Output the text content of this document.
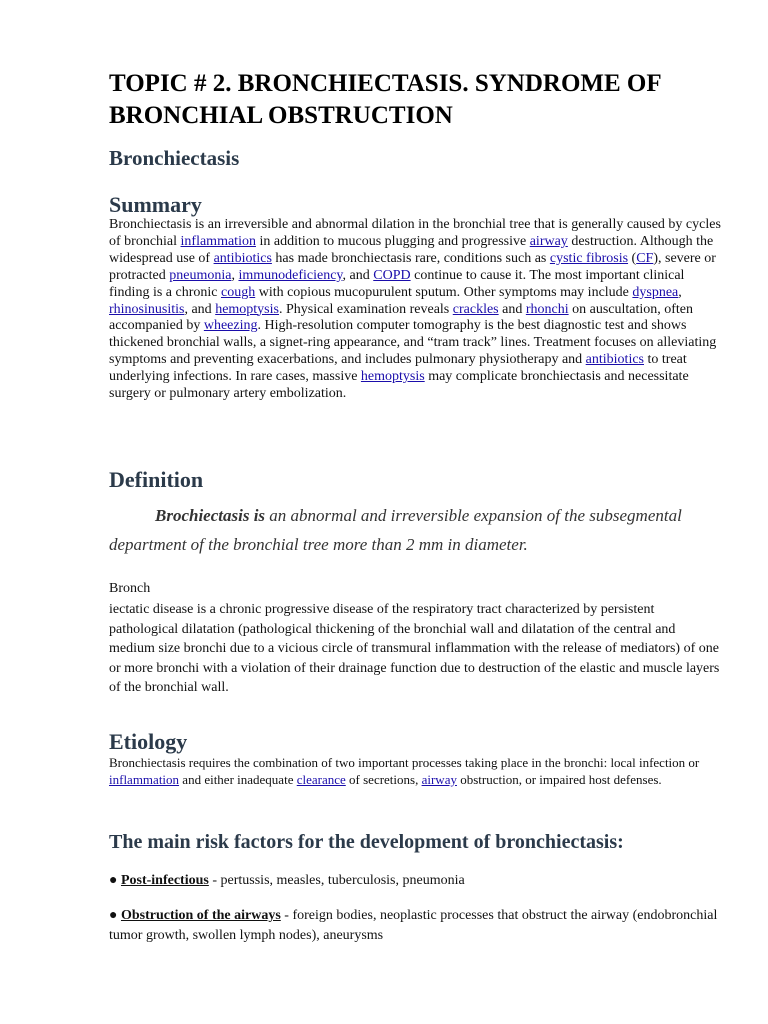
TOPIC # 2. BRONCHIECTASIS. SYNDROME OF BRONCHIAL OBSTRUCTION
Bronchiectasis
Summary
Bronchiectasis is an irreversible and abnormal dilation in the bronchial tree that is generally caused by cycles of bronchial inflammation in addition to mucous plugging and progressive airway destruction. Although the widespread use of antibiotics has made bronchiectasis rare, conditions such as cystic fibrosis (CF), severe or protracted pneumonia, immunodeficiency, and COPD continue to cause it. The most important clinical finding is a chronic cough with copious mucopurulent sputum. Other symptoms may include dyspnea, rhinosinusitis, and hemoptysis. Physical examination reveals crackles and rhonchi on auscultation, often accompanied by wheezing. High-resolution computer tomography is the best diagnostic test and shows thickened bronchial walls, a signet-ring appearance, and “tram track” lines. Treatment focuses on alleviating symptoms and preventing exacerbations, and includes pulmonary physiotherapy and antibiotics to treat underlying infections. In rare cases, massive hemoptysis may complicate bronchiectasis and necessitate surgery or pulmonary artery embolization.
Definition
Brochiectasis is an abnormal and irreversible expansion of the subsegmental department of the bronchial tree more than 2 mm in diameter.
Bronch
iectatic disease is a chronic progressive disease of the respiratory tract characterized by persistent pathological dilatation (pathological thickening of the bronchial wall and dilatation of the central and medium size bronchi due to a vicious circle of transmural inflammation with the release of mediators) of one or more bronchi with a violation of their drainage function due to destruction of the elastic and muscle layers of the bronchial wall.
Etiology
Bronchiectasis requires the combination of two important processes taking place in the bronchi: local infection or inflammation and either inadequate clearance of secretions, airway obstruction, or impaired host defenses.
The main risk factors for the development of bronchiectasis:
● Post-infectious - pertussis, measles, tuberculosis, pneumonia
● Obstruction of the airways - foreign bodies, neoplastic processes that obstruct the airway (endobronchial tumor growth, swollen lymph nodes), aneurysms
